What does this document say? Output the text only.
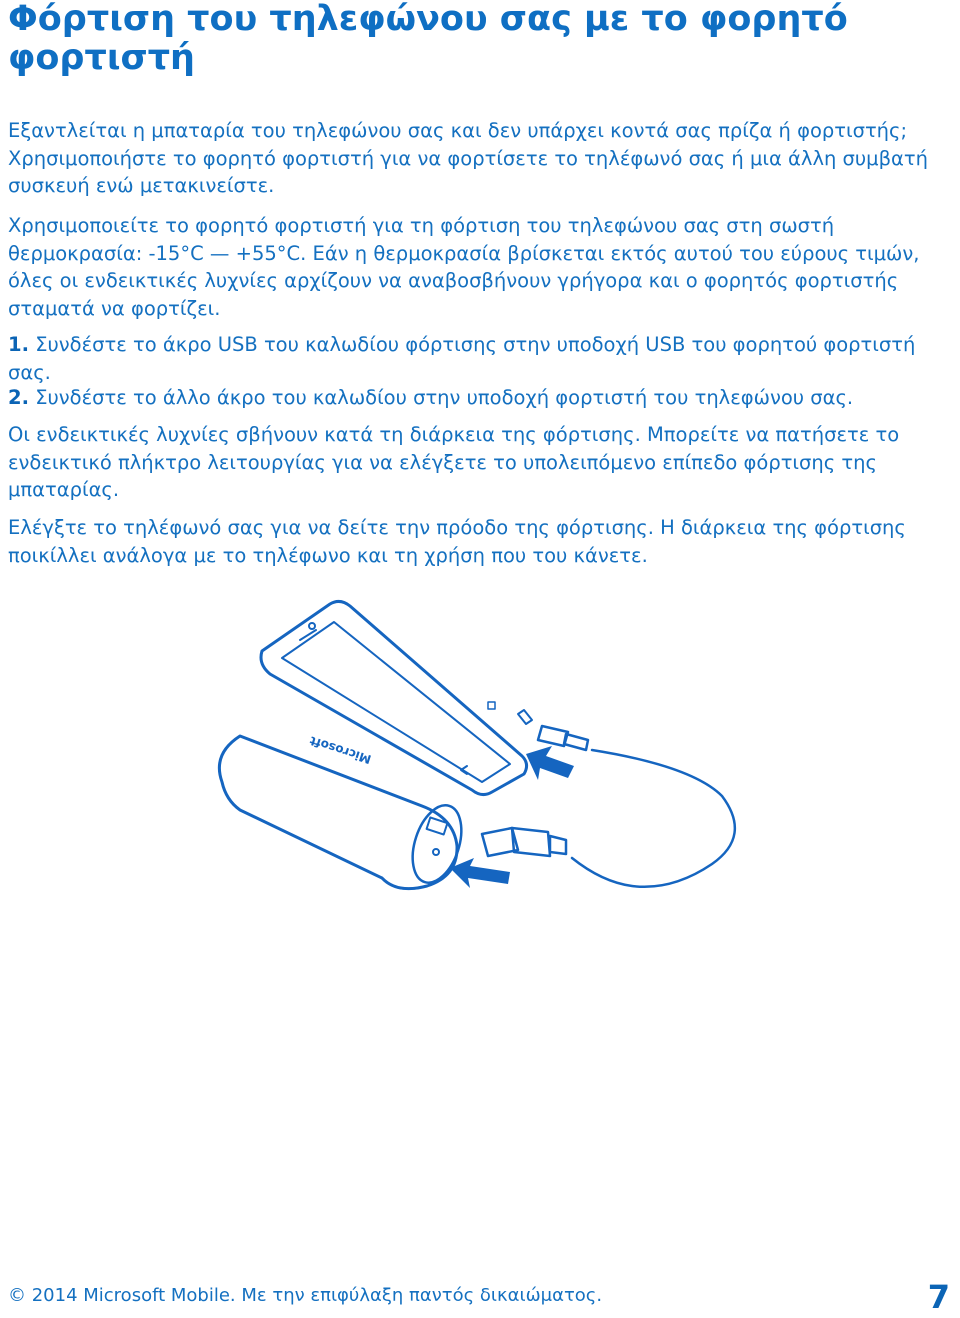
Φόρτιση του τηλεφώνου σας με το φορητό φορτιστή

Εξαντλείται η μπαταρία του τηλεφώνου σας και δεν υπάρχει κοντά σας πρίζα ή φορτιστής; Χρησιμοποιήστε το φορητό φορτιστή για να φορτίσετε το τηλέφωνό σας ή μια άλλη συμβατή συσκευή ενώ μετακινείστε.

Χρησιμοποιείτε το φορητό φορτιστή για τη φόρτιση του τηλεφώνου σας στη σωστή θερμοκρασία: -15°C — +55°C. Εάν η θερμοκρασία βρίσκεται εκτός αυτού του εύρους τιμών, όλες οι ενδεικτικές λυχνίες αρχίζουν να αναβοσβήνουν γρήγορα και ο φορητός φορτιστής σταματά να φορτίζει.

1. Συνδέστε το άκρο USB του καλωδίου φόρτισης στην υποδοχή USB του φορητού φορτιστή σας.

2. Συνδέστε το άλλο άκρο του καλωδίου στην υποδοχή φορτιστή του τηλεφώνου σας.

Οι ενδεικτικές λυχνίες σβήνουν κατά τη διάρκεια της φόρτισης. Μπορείτε να πατήσετε το ενδεικτικό πλήκτρο λειτουργίας για να ελέγξετε το υπολειπόμενο επίπεδο φόρτισης της μπαταρίας.

Ελέγξτε το τηλέφωνό σας για να δείτε την πρόοδο της φόρτισης. Η διάρκεια της φόρτισης ποικίλλει ανάλογα με το τηλέφωνο και τη χρήση που του κάνετε.

Microsoft

© 2014 Microsoft Mobile. Με την επιφύλαξη παντός δικαιώματος.	7
